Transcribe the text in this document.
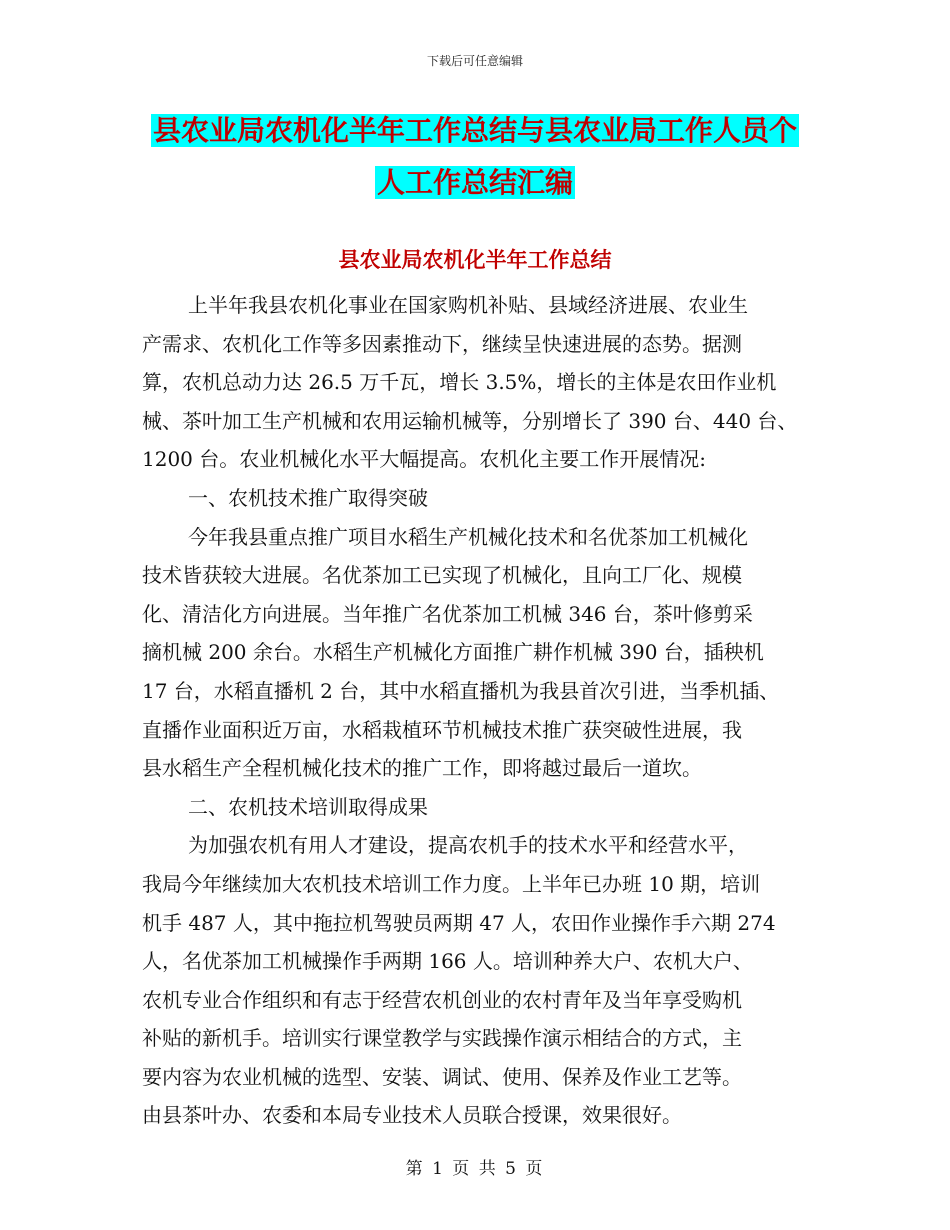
下载后可任意编辑
县农业局农机化半年工作总结与县农业局工作人员个
人工作总结汇编
县农业局农机化半年工作总结
上半年我县农机化事业在国家购机补贴、县域经济进展、农业生
产需求、农机化工作等多因素推动下，继续呈快速进展的态势。据测
算，农机总动力达 26.5 万千瓦，增长 3.5%，增长的主体是农田作业机
械、茶叶加工生产机械和农用运输机械等，分别增长了 390 台、440 台、
1200 台。农业机械化水平大幅提高。农机化主要工作开展情况:
一、农机技术推广取得突破
今年我县重点推广项目水稻生产机械化技术和名优茶加工机械化
技术皆获较大进展。名优茶加工已实现了机械化，且向工厂化、规模
化、清洁化方向进展。当年推广名优茶加工机械 346 台，茶叶修剪采
摘机械 200 余台。水稻生产机械化方面推广耕作机械 390 台，插秧机
17 台，水稻直播机 2 台，其中水稻直播机为我县首次引进，当季机插、
直播作业面积近万亩，水稻栽植环节机械技术推广获突破性进展，我
县水稻生产全程机械化技术的推广工作，即将越过最后一道坎。
二、农机技术培训取得成果
为加强农机有用人才建设，提高农机手的技术水平和经营水平，
我局今年继续加大农机技术培训工作力度。上半年已办班 10 期，培训
机手 487 人，其中拖拉机驾驶员两期 47 人，农田作业操作手六期 274
人，名优茶加工机械操作手两期 166 人。培训种养大户、农机大户、
农机专业合作组织和有志于经营农机创业的农村青年及当年享受购机
补贴的新机手。培训实行课堂教学与实践操作演示相结合的方式，主
要内容为农业机械的选型、安装、调试、使用、保养及作业工艺等。
由县茶叶办、农委和本局专业技术人员联合授课，效果很好。
第 1 页 共 5 页
